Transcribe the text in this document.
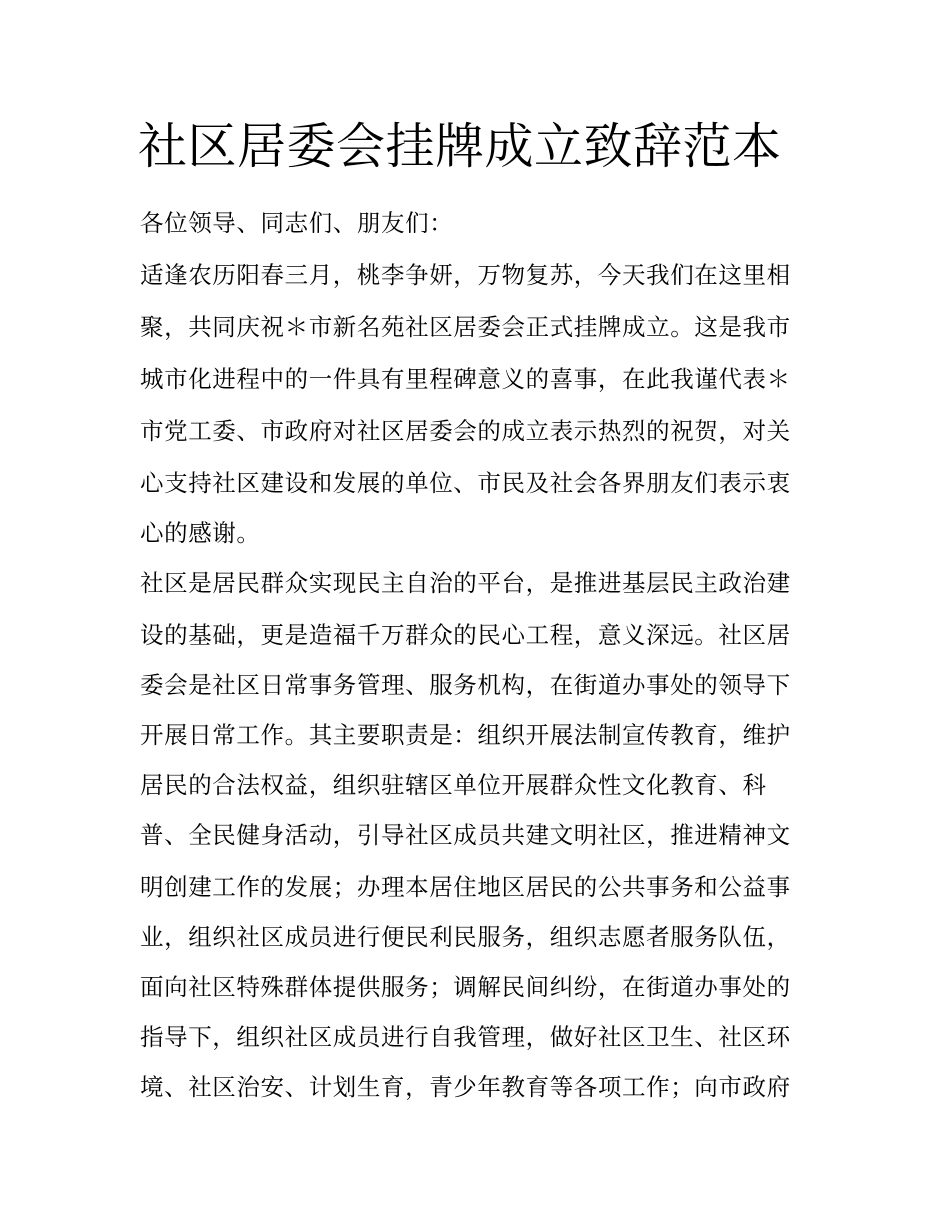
社区居委会挂牌成立致辞范本

各位领导、同志们、朋友们：

适逢农历阳春三月，桃李争妍，万物复苏，今天我们在这里相

聚，共同庆祝＊市新名苑社区居委会正式挂牌成立。这是我市

城市化进程中的一件具有里程碑意义的喜事，在此我谨代表＊

市党工委、市政府对社区居委会的成立表示热烈的祝贺，对关

心支持社区建设和发展的单位、市民及社会各界朋友们表示衷

心的感谢。

社区是居民群众实现民主自治的平台，是推进基层民主政治建

设的基础，更是造福千万群众的民心工程，意义深远。社区居

委会是社区日常事务管理、服务机构，在街道办事处的领导下

开展日常工作。其主要职责是：组织开展法制宣传教育，维护

居民的合法权益，组织驻辖区单位开展群众性文化教育、科

普、全民健身活动，引导社区成员共建文明社区，推进精神文

明创建工作的发展；办理本居住地区居民的公共事务和公益事

业，组织社区成员进行便民利民服务，组织志愿者服务队伍，

面向社区特殊群体提供服务；调解民间纠纷，在街道办事处的

指导下，组织社区成员进行自我管理，做好社区卫生、社区环

境、社区治安、计划生育，青少年教育等各项工作；向市政府
